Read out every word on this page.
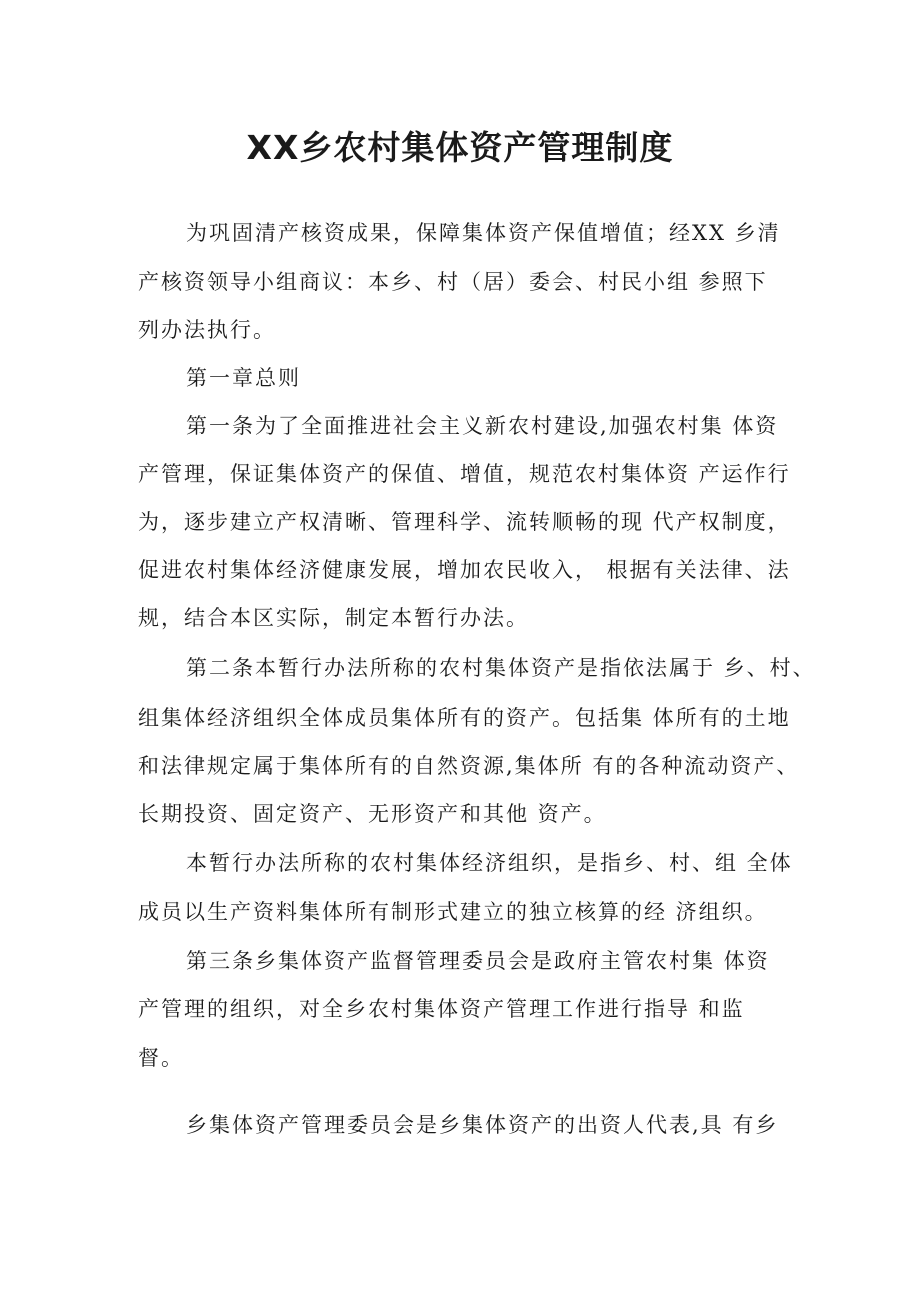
XX乡农村集体资产管理制度

为巩固清产核资成果，保障集体资产保值增值；经XX 乡清

产核资领导小组商议：本乡、村（居）委会、村民小组 参照下

列办法执行。

第一章总则

第一条为了全面推进社会主义新农村建设,加强农村集 体资

产管理，保证集体资产的保值、增值，规范农村集体资 产运作行

为，逐步建立产权清晰、管理科学、流转顺畅的现 代产权制度，

促进农村集体经济健康发展，增加农民收入， 根据有关法律、法

规，结合本区实际，制定本暂行办法。

第二条本暂行办法所称的农村集体资产是指依法属于 乡、村、

组集体经济组织全体成员集体所有的资产。包括集 体所有的土地

和法律规定属于集体所有的自然资源,集体所 有的各种流动资产、

长期投资、固定资产、无形资产和其他 资产。

本暂行办法所称的农村集体经济组织，是指乡、村、组 全体

成员以生产资料集体所有制形式建立的独立核算的经 济组织。

第三条乡集体资产监督管理委员会是政府主管农村集 体资

产管理的组织，对全乡农村集体资产管理工作进行指导 和监

督。

乡集体资产管理委员会是乡集体资产的出资人代表,具 有乡
